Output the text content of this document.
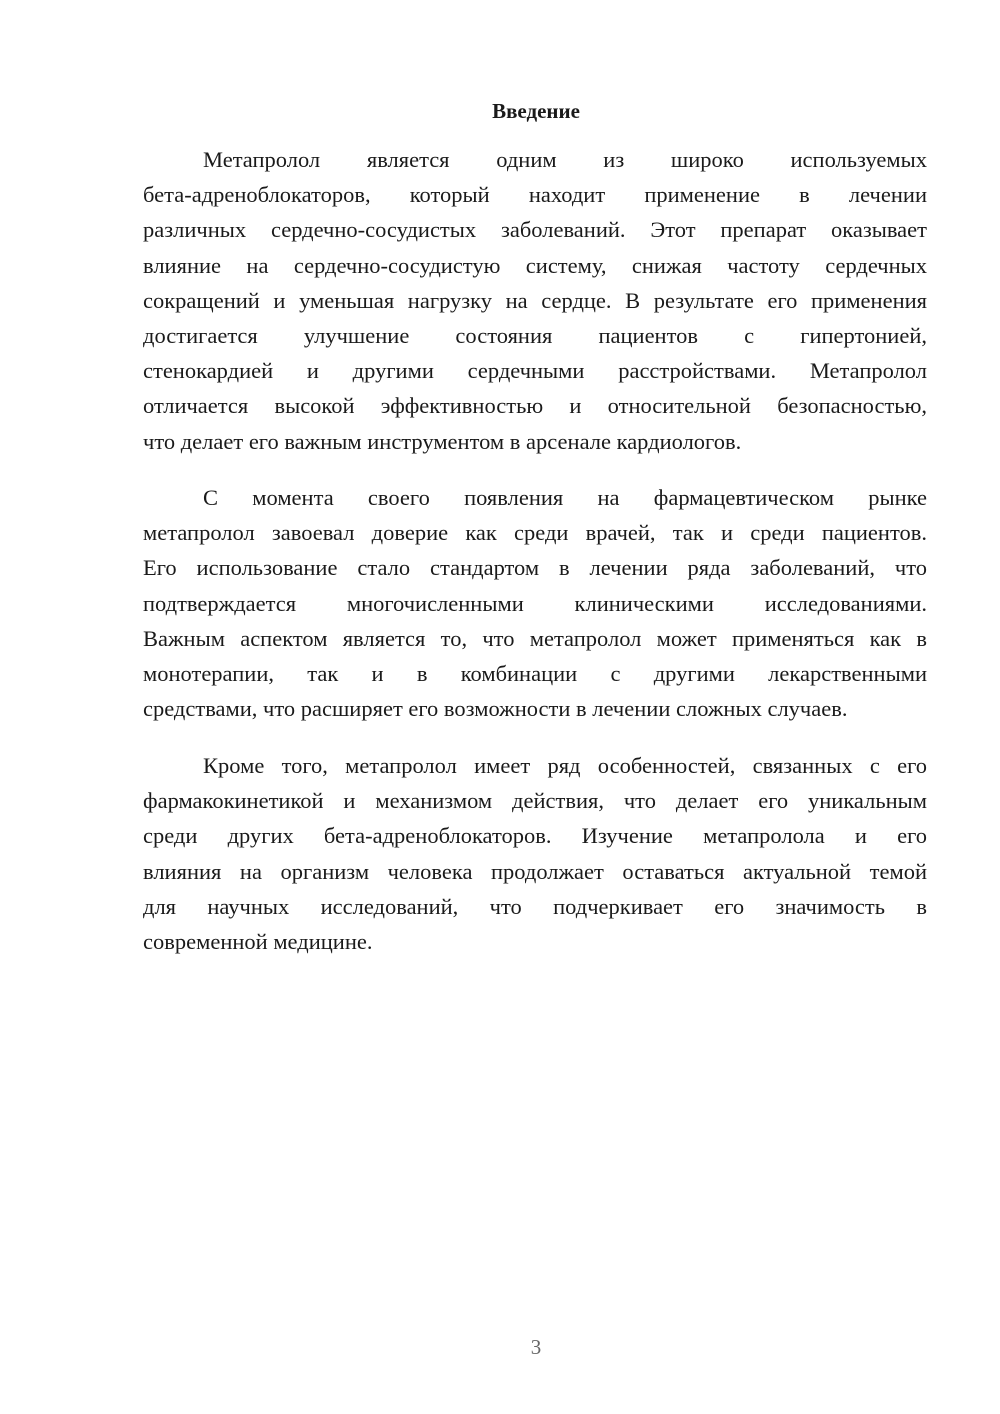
Введение
Метапролол является одним из широко используемых
бета-адреноблокаторов, который находит применение в лечении
различных сердечно-сосудистых заболеваний. Этот препарат оказывает
влияние на сердечно-сосудистую систему, снижая частоту сердечных
сокращений и уменьшая нагрузку на сердце. В результате его применения
достигается улучшение состояния пациентов с гипертонией,
стенокардией и другими сердечными расстройствами. Метапролол
отличается высокой эффективностью и относительной безопасностью,
что делает его важным инструментом в арсенале кардиологов.
С момента своего появления на фармацевтическом рынке
метапролол завоевал доверие как среди врачей, так и среди пациентов.
Его использование стало стандартом в лечении ряда заболеваний, что
подтверждается многочисленными клиническими исследованиями.
Важным аспектом является то, что метапролол может применяться как в
монотерапии, так и в комбинации с другими лекарственными
средствами, что расширяет его возможности в лечении сложных случаев.
Кроме того, метапролол имеет ряд особенностей, связанных с его
фармакокинетикой и механизмом действия, что делает его уникальным
среди других бета-адреноблокаторов. Изучение метапролола и его
влияния на организм человека продолжает оставаться актуальной темой
для научных исследований, что подчеркивает его значимость в
современной медицине.
3
